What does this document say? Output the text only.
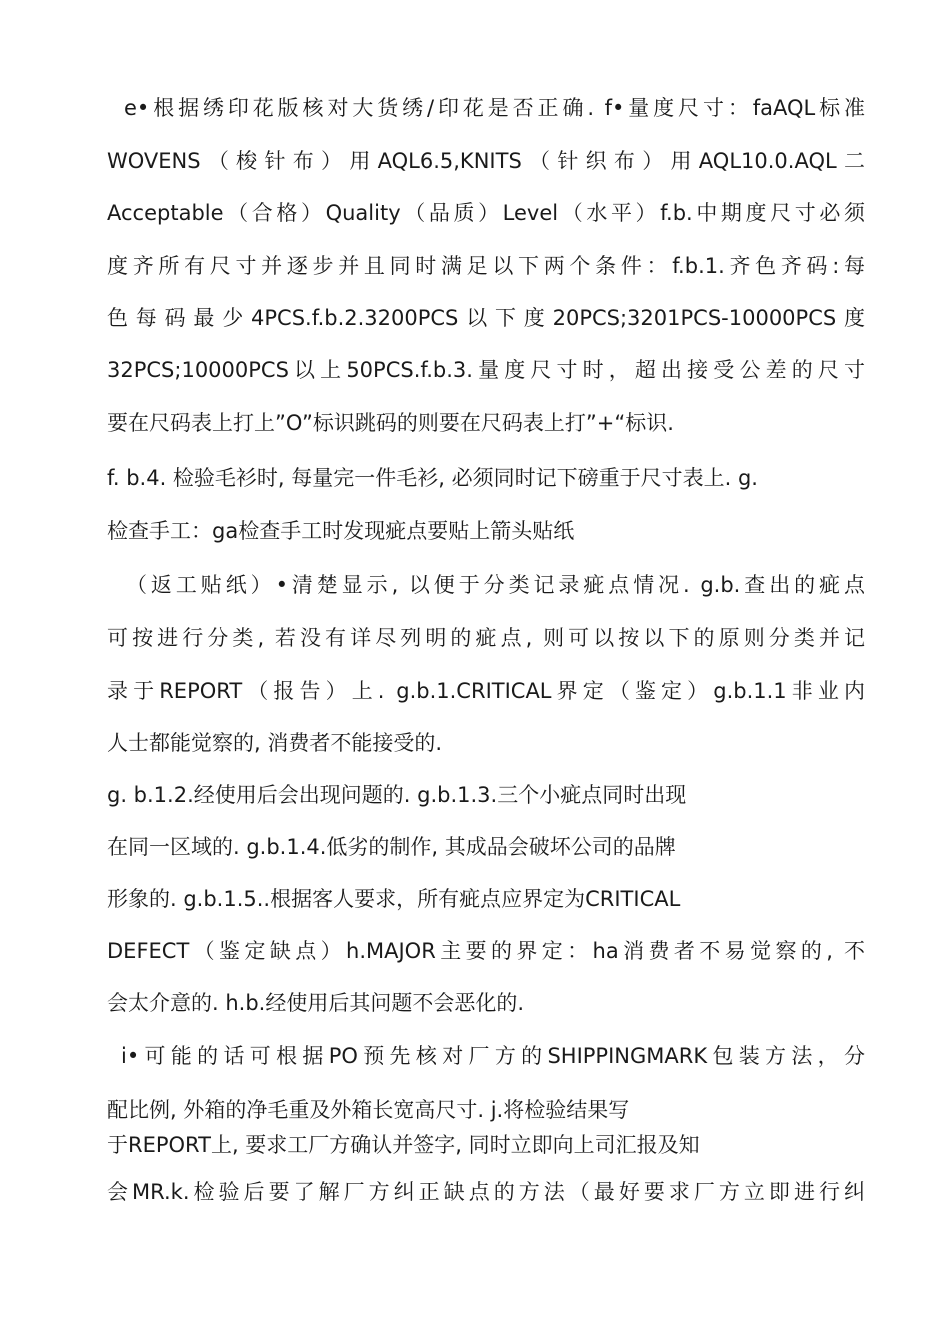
e•根据绣印花版核对大货绣/印花是否正确. f•量度尺寸：faAQL标准
WOVENS（梭针布）用AQL6.5,KNITS（针织布）用AQL10.0.AQL二
Acceptable（合格）Quality（品质）Level（水平）f.b.中期度尺寸必须
度齐所有尺寸并逐步并且同时满足以下两个条件：f.b.1.齐色齐码:每
色每码最少4PCS.f.b.2.3200PCS以下度20PCS;3201PCS-10000PCS度
32PCS;10000PCS以上50PCS.f.b.3.量度尺寸时，超出接受公差的尺寸
要在尺码表上打上”O”标识跳码的则要在尺码表上打”+“标识.
f. b.4. 检验毛衫时, 每量完一件毛衫, 必须同时记下磅重于尺寸表上. g.
检查手工：ga检查手工时发现疵点要贴上箭头贴纸
（返工贴纸）•清楚显示, 以便于分类记录疵点情况. g.b.查出的疵点
可按进行分类, 若没有详尽列明的疵点, 则可以按以下的原则分类并记
录于REPORT（报告）上. g.b.1.CRITICAL界定（鉴定）g.b.1.1非业内
人士都能觉察的, 消费者不能接受的.
g. b.1.2.经使用后会出现问题的. g.b.1.3.三个小疵点同时出现
在同一区域的. g.b.1.4.低劣的制作, 其成品会破坏公司的品牌
形象的. g.b.1.5..根据客人要求，所有疵点应界定为CRITICAL
DEFECT（鉴定缺点）h.MAJOR主要的界定：ha消费者不易觉察的, 不
会太介意的. h.b.经使用后其问题不会恶化的.
i•可能的话可根据PO预先核对厂方的SHIPPINGMARK包装方法，分
配比例, 外箱的净毛重及外箱长宽高尺寸. j.将检验结果写
于REPORT上, 要求工厂方确认并签字, 同时立即向上司汇报及知
会MR.k.检验后要了解厂方纠正缺点的方法（最好要求厂方立即进行纠
